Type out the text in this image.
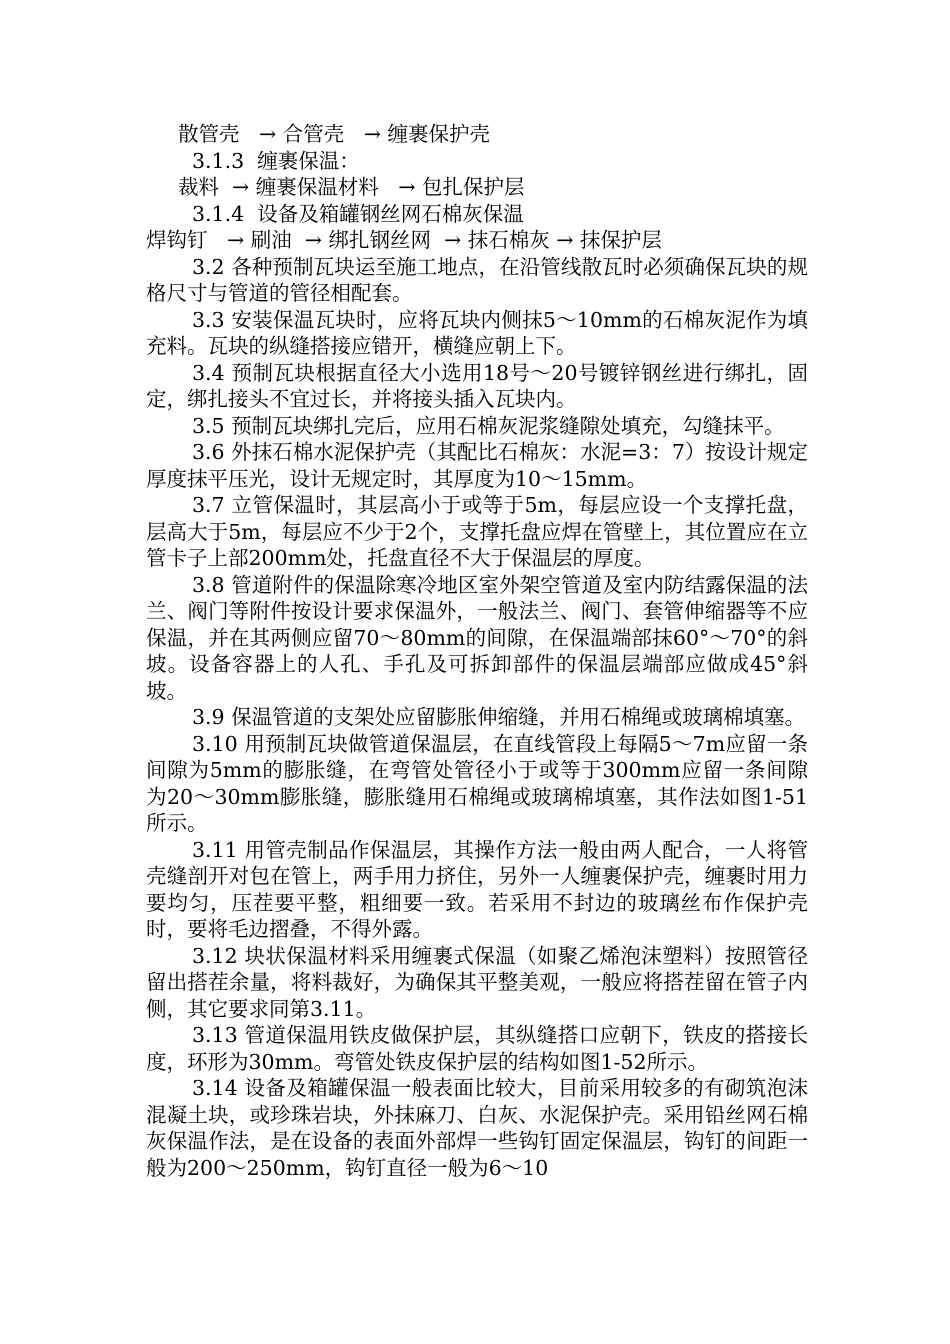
散管壳   → 合管壳   → 缠裹保护壳

3.1.3  缠裹保温：

裁料  → 缠裹保温材料   → 包扎保护层

3.1.4  设备及箱罐钢丝网石棉灰保温

焊钩钉   → 刷油  → 绑扎钢丝网  → 抹石棉灰 → 抹保护层

3.2 各种预制瓦块运至施工地点，在沿管线散瓦时必须确保瓦块的规格尺寸与管道的管径相配套。

3.3 安装保温瓦块时，应将瓦块内侧抹5～10mm的石棉灰泥作为填充料。瓦块的纵缝搭接应错开，横缝应朝上下。

3.4 预制瓦块根据直径大小选用18号～20号镀锌钢丝进行绑扎，固定，绑扎接头不宜过长，并将接头插入瓦块内。

3.5 预制瓦块绑扎完后，应用石棉灰泥浆缝隙处填充，勾缝抹平。

3.6 外抹石棉水泥保护壳（其配比石棉灰：水泥=3：7）按设计规定厚度抹平压光，设计无规定时，其厚度为10～15mm。

3.7 立管保温时，其层高小于或等于5m，每层应设一个支撑托盘，层高大于5m，每层应不少于2个，支撑托盘应焊在管壁上，其位置应在立管卡子上部200mm处，托盘直径不大于保温层的厚度。

3.8 管道附件的保温除寒冷地区室外架空管道及室内防结露保温的法兰、阀门等附件按设计要求保温外，一般法兰、阀门、套管伸缩器等不应保温，并在其两侧应留70～80mm的间隙，在保温端部抹60°～70°的斜坡。设备容器上的人孔、手孔及可拆卸部件的保温层端部应做成45°斜坡。

3.9 保温管道的支架处应留膨胀伸缩缝，并用石棉绳或玻璃棉填塞。

3.10 用预制瓦块做管道保温层，在直线管段上每隔5～7m应留一条间隙为5mm的膨胀缝，在弯管处管径小于或等于300mm应留一条间隙为20～30mm膨胀缝，膨胀缝用石棉绳或玻璃棉填塞，其作法如图1-51所示。

3.11 用管壳制品作保温层，其操作方法一般由两人配合，一人将管壳缝剖开对包在管上，两手用力挤住，另外一人缠裹保护壳，缠裹时用力要均匀，压茬要平整，粗细要一致。若采用不封边的玻璃丝布作保护壳时，要将毛边摺叠，不得外露。

3.12 块状保温材料采用缠裹式保温（如聚乙烯泡沫塑料）按照管径留出搭茬余量，将料裁好，为确保其平整美观，一般应将搭茬留在管子内侧，其它要求同第3.11。

3.13 管道保温用铁皮做保护层，其纵缝搭口应朝下，铁皮的搭接长度，环形为30mm。弯管处铁皮保护层的结构如图1-52所示。

3.14 设备及箱罐保温一般表面比较大，目前采用较多的有砌筑泡沫混凝土块，或珍珠岩块，外抹麻刀、白灰、水泥保护壳。采用铅丝网石棉灰保温作法，是在设备的表面外部焊一些钩钉固定保温层，钩钉的间距一般为200～250mm，钩钉直径一般为6～10
